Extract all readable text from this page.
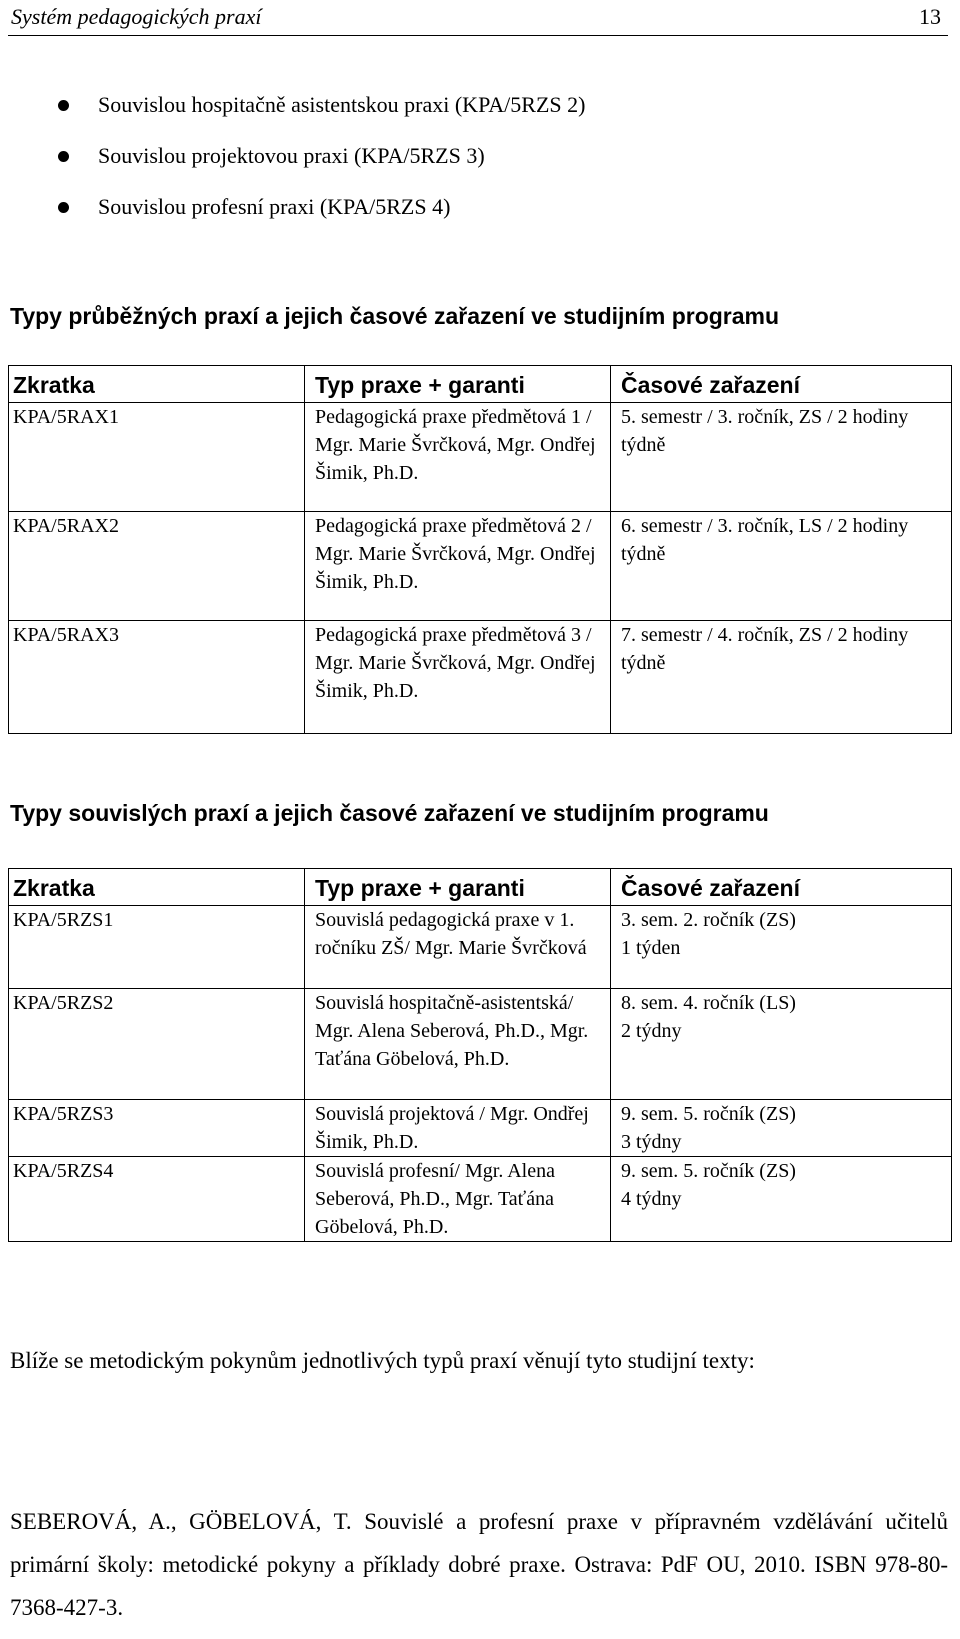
Systém pedagogických praxí	13
Souvislou hospitačně asistentskou praxi (KPA/5RZS 2)
Souvislou projektovou praxi (KPA/5RZS 3)
Souvislou profesní praxi (KPA/5RZS 4)
Typy průběžných praxí a jejich časové zařazení ve studijním programu
Zkratka	Typ praxe + garanti	Časové zařazení
KPA/5RAX1	Pedagogická praxe předmětová 1 / Mgr. Marie Švrčková, Mgr. Ondřej Šimik, Ph.D.	5. semestr / 3. ročník, ZS / 2 hodiny týdně
KPA/5RAX2	Pedagogická praxe předmětová 2 / Mgr. Marie Švrčková, Mgr. Ondřej Šimik, Ph.D.	6. semestr / 3. ročník, LS / 2 hodiny týdně
KPA/5RAX3	Pedagogická praxe předmětová 3 / Mgr. Marie Švrčková, Mgr. Ondřej Šimik, Ph.D.	7. semestr / 4. ročník, ZS / 2 hodiny týdně
Typy souvislých praxí a jejich časové zařazení ve studijním programu
Zkratka	Typ praxe + garanti	Časové zařazení
KPA/5RZS1	Souvislá pedagogická praxe v 1. ročníku ZŠ/ Mgr. Marie Švrčková	3. sem. 2. ročník (ZS)
1 týden

KPA/5RZS2	Souvislá hospitačně-asistentská/ Mgr. Alena Seberová, Ph.D., Mgr. Taťána Göbelová, Ph.D.	8. sem. 4. ročník (LS)
2 týdny

KPA/5RZS3	Souvislá projektová / Mgr. Ondřej Šimik, Ph.D.	9. sem. 5. ročník (ZS)
3 týdny

KPA/5RZS4	Souvislá profesní/ Mgr. Alena Seberová, Ph.D., Mgr. Taťána Göbelová, Ph.D.	9. sem. 5. ročník (ZS)
4 týdny

Blíže se metodickým pokynům jednotlivých typů praxí věnují tyto studijní texty:

SEBEROVÁ, A., GÖBELOVÁ, T. Souvislé a profesní praxe v přípravném vzdělávání učitelů primární školy: metodické pokyny a příklady dobré praxe. Ostrava: PdF OU, 2010. ISBN 978-80-7368-427-3.
